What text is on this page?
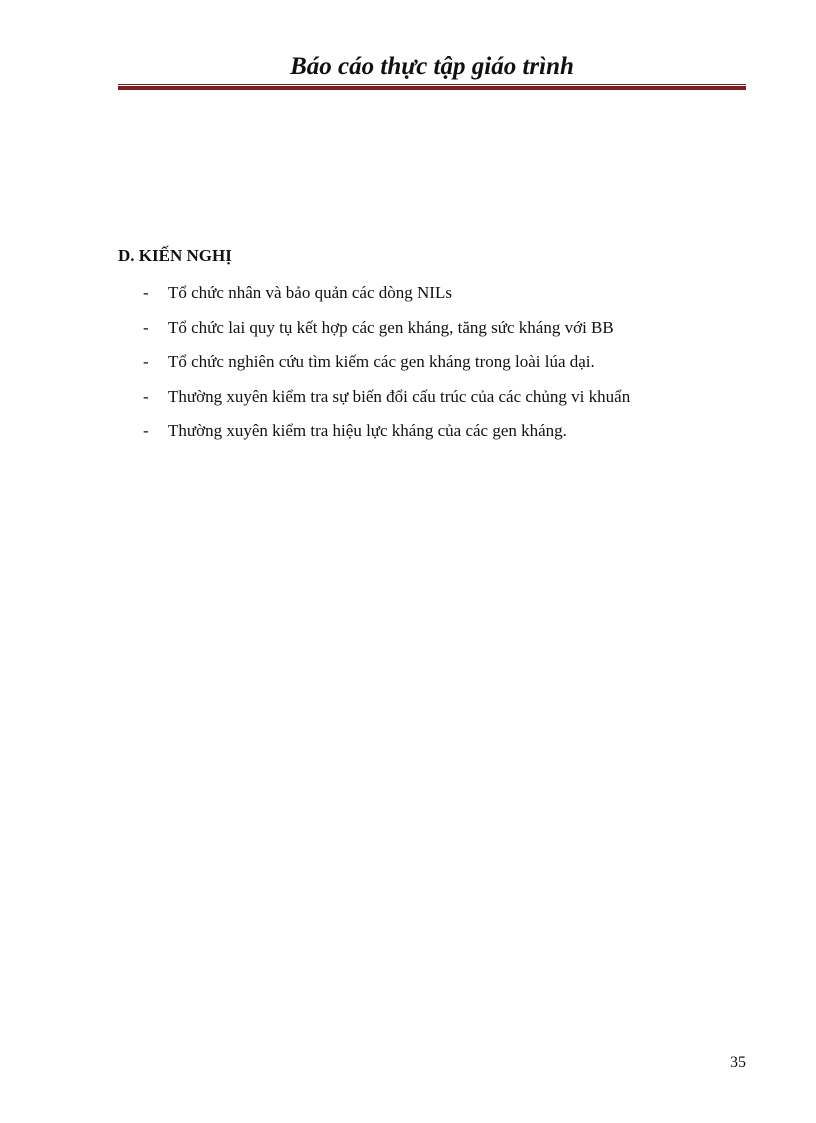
Báo cáo thực tập giáo trình
D. KIẾN NGHỊ
-	Tổ chức nhân và bảo quản các dòng NILs
-	Tổ chức lai quy tụ kết hợp các gen kháng, tăng sức kháng với BB
-	Tổ chức nghiên cứu tìm kiếm các gen kháng trong loài lúa dại.
-	Thường xuyên kiểm tra sự biến đổi cấu trúc của các chủng vi khuẩn
-	Thường xuyên kiểm tra hiệu lực kháng của các gen kháng.
35
